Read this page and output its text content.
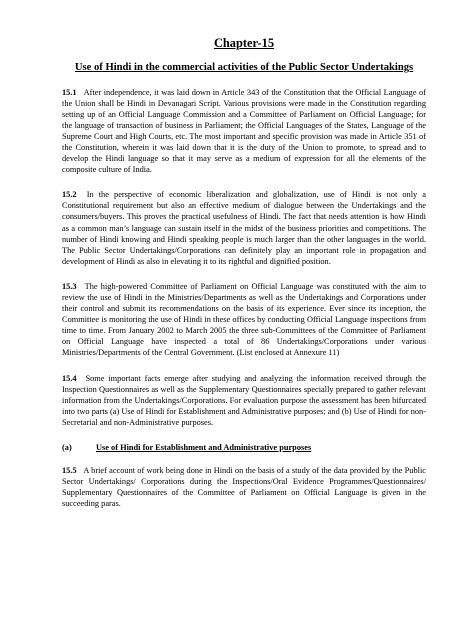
Chapter-15
Use of Hindi in the commercial activities of the Public Sector Undertakings

15.1 After independence, it was laid down in Article 343 of the Constitution that the Official Language of the Union shall be Hindi in Devanagari Script. Various provisions were made in the Constitution regarding setting up of an Official Language Commission and a Committee of Parliament on Official Language; for the language of transaction of business in Parliament; the Official Languages of the States, Language of the Supreme Court and High Courts, etc. The most important and specific provision was made in Article 351 of the Constitution, wherein it was laid down that it is the duty of the Union to promote, to spread and to develop the Hindi language so that it may serve as a medium of expression for all the elements of the composite culture of India.

15.2 In the perspective of economic liberalization and globalization, use of Hindi is not only a Constitutional requirement but also an effective medium of dialogue between the Undertakings and the consumers/buyers. This proves the practical usefulness of Hindi. The fact that needs attention is how Hindi as a common man’s language can sustain itself in the midst of the business priorities and competitions. The number of Hindi knowing and Hindi speaking people is much larger than the other languages in the world. The Public Sector Undertakings/Corporations can definitely play an important role in propagation and development of Hindi as also in elevating it to its rightful and dignified position.

15.3 The high-powered Committee of Parliament on Official Language was constituted with the aim to review the use of Hindi in the Ministries/Departments as well as the Undertakings and Corporations under their control and submit its recommendations on the basis of its experience. Ever since its inception, the Committee is monitoring the use of Hindi in these offices by conducting Official Language inspections from time to time. From January 2002 to March 2005 the three sub-Committees of the Committee of Parliament on Official Language have inspected a total of 86 Undertakings/Corporations under various Ministries/Departments of the Central Government. (List enclosed at Annexure 11)

15.4 Some important facts emerge after studying and analyzing the information received through the Inspection Questionnaires as well as the Supplementary Questionnaires specially prepared to gather relevant information from the Undertakings/Corporations. For evaluation purpose the assessment has been bifurcated into two parts (a) Use of Hindi for Establishment and Administrative purposes; and (b) Use of Hindi for non-Secretarial and non-Administrative purposes.

(a)	Use of Hindi for Establishment and Administrative purposes

15.5 A brief account of work being done in Hindi on the basis of a study of the data provided by the Public Sector Undertakings/ Corporations during the Inspections/Oral Evidence Programmes/Questionnaires/ Supplementary Questionnaires of the Committee of Parliament on Official Language is given in the succeeding paras.
